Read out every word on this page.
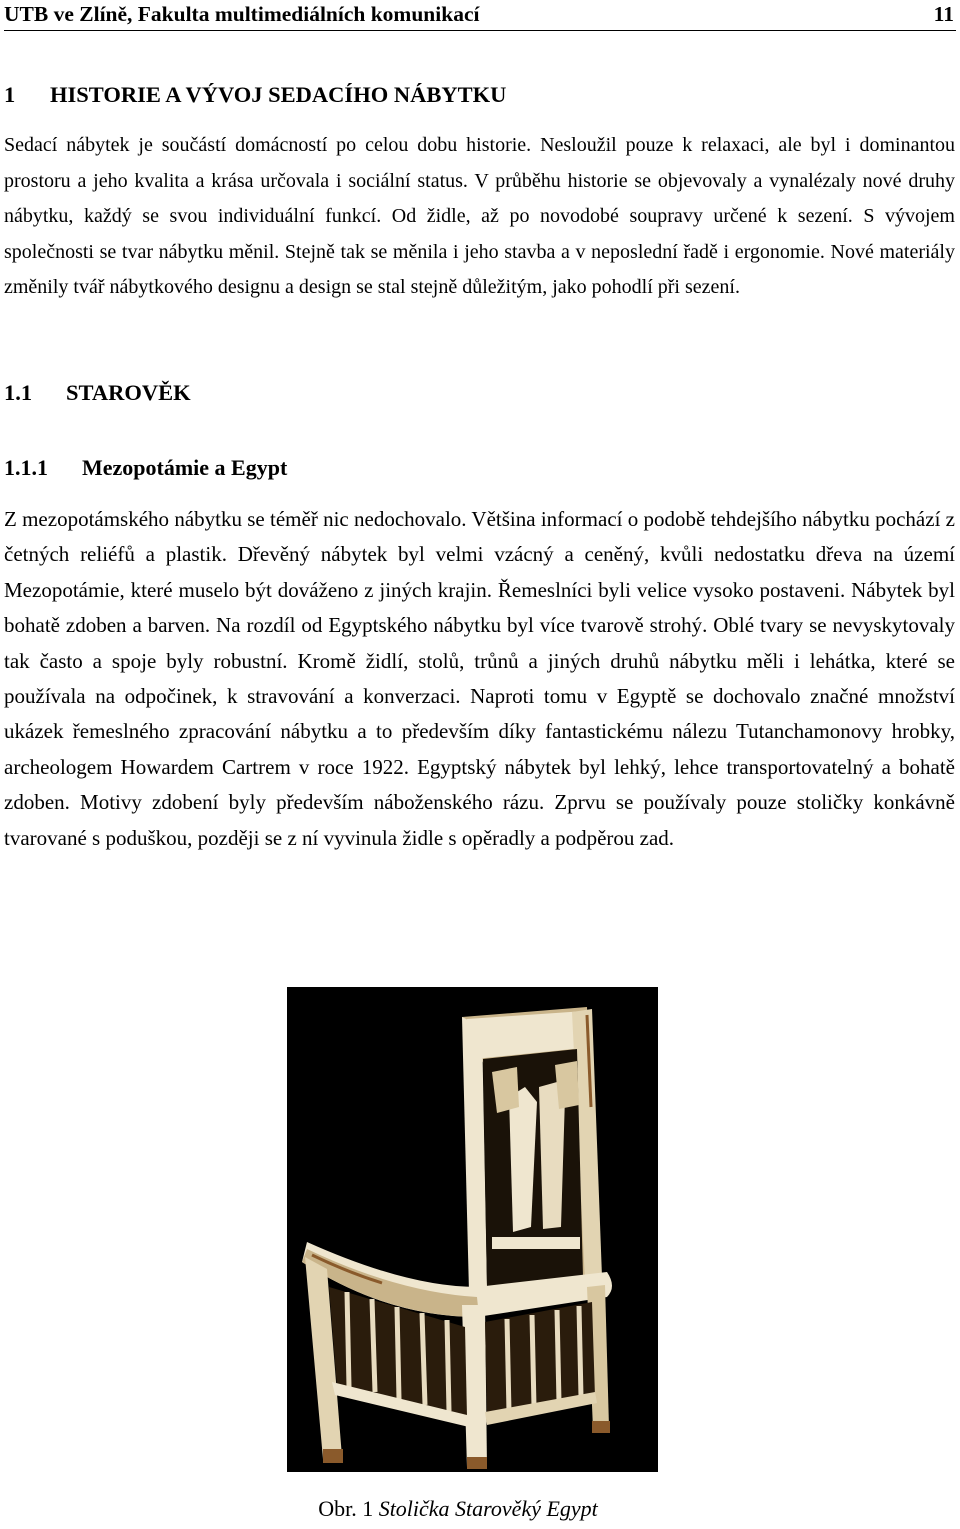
UTB ve Zlíně, Fakulta multimediálních komunikací	11
1 HISTORIE A VÝVOJ SEDACÍHO NÁBYTKU

Sedací nábytek je součástí domácností po celou dobu historie. Nesloužil pouze k relaxaci, ale byl i dominantou prostoru a jeho kvalita a krása určovala i sociální status. V průběhu historie se objevovaly a vynalézaly nové druhy nábytku, každý se svou individuální funkcí. Od židle, až po novodobé soupravy určené k sezení. S vývojem společnosti se tvar nábytku měnil. Stejně tak se měnila i jeho stavba a v neposlední řadě i ergonomie. Nové materiály změnily tvář nábytkového designu a design se stal stejně důležitým, jako pohodlí při sezení.

1.1 STAROVĚK
1.1.1 Mezopotámie a Egypt

Z mezopotámského nábytku se téměř nic nedochovalo. Většina informací o podobě tehdejšího nábytku pochází z četných reliéfů a plastik. Dřevěný nábytek byl velmi vzácný a ceněný, kvůli nedostatku dřeva na území Mezopotámie, které muselo být dováženo z jiných krajin. Řemeslníci byli velice vysoko postaveni. Nábytek byl bohatě zdoben a barven. Na rozdíl od Egyptského nábytku byl více tvarově strohý. Oblé tvary se nevyskytovaly tak často a spoje byly robustní. Kromě židlí, stolů, trůnů a jiných druhů nábytku měli i lehátka, které se používala na odpočinek, k stravování a konverzaci. Naproti tomu v Egyptě se dochovalo značné množství ukázek řemeslného zpracování nábytku a to především díky fantastickému nálezu Tutanchamonovy hrobky, archeologem Howardem Cartrem v roce 1922. Egyptský nábytek byl lehký, lehce transportovatelný a bohatě zdoben. Motivy zdobení byly především náboženského rázu. Zprvu se používaly pouze stoličky konkávně tvarované s poduškou, později se z ní vyvinula židle s opěradly a podpěrou zad.

Obr. 1 Stolička Starověký Egypt
